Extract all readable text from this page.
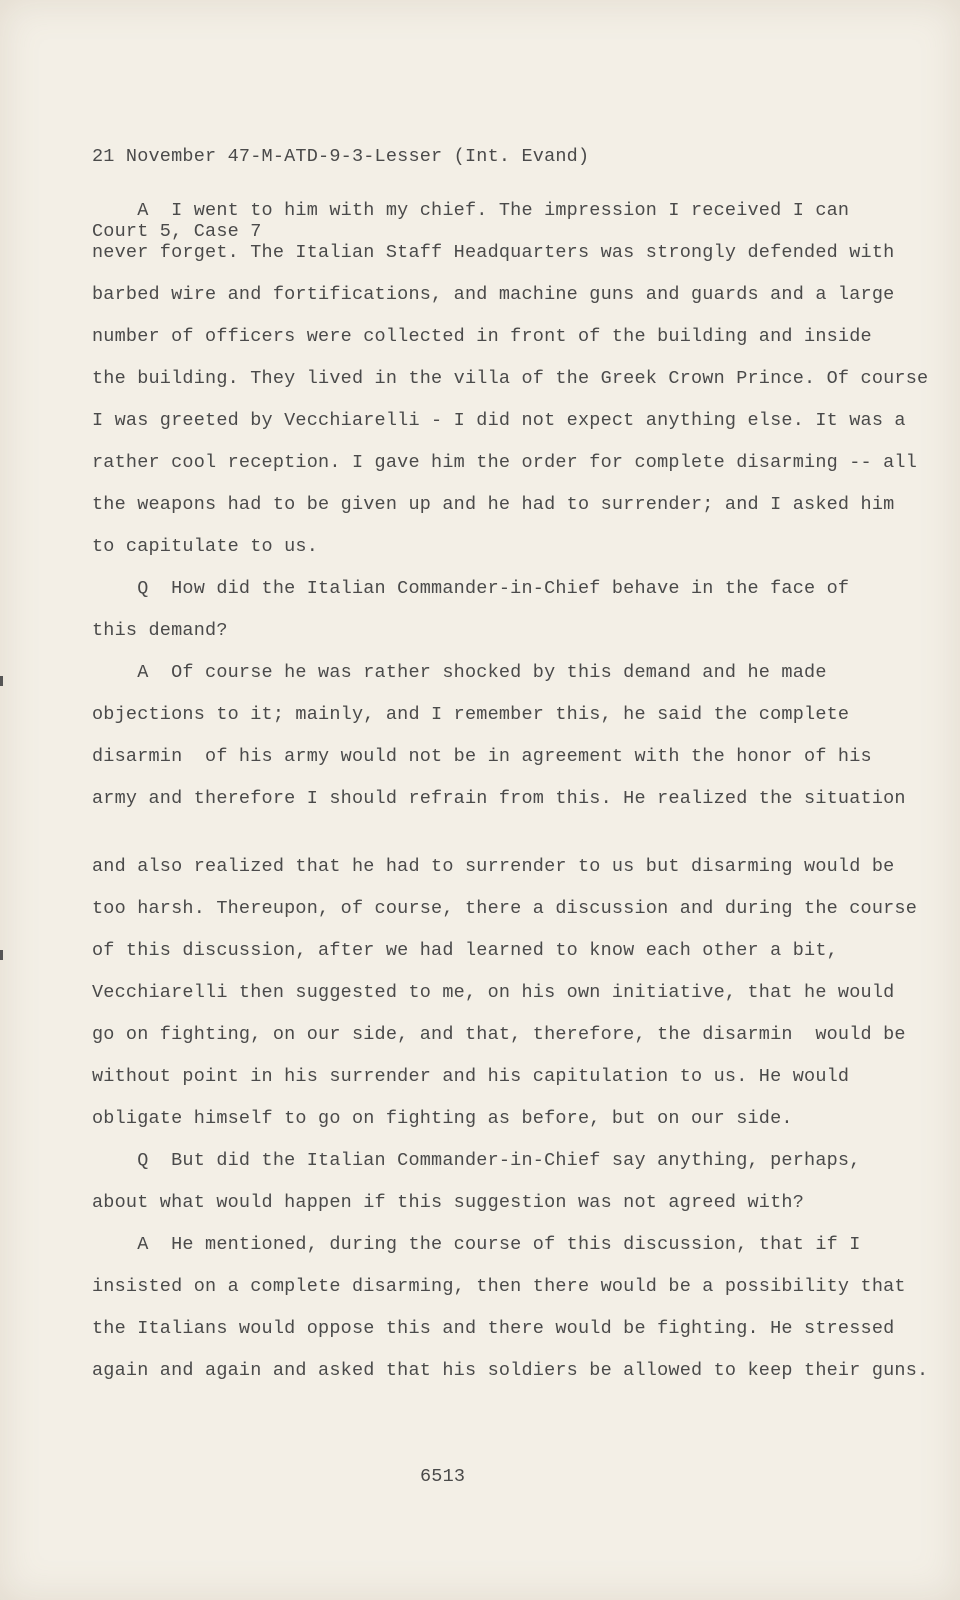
21 November 47-M-ATD-9-3-Lesser (Int. Evand)

Court 5, Case 7

A  I went to him with my chief. The impression I received I can
never forget. The Italian Staff Headquarters was strongly defended with
barbed wire and fortifications, and machine guns and guards and a large
number of officers were collected in front of the building and inside
the building. They lived in the villa of the Greek Crown Prince. Of course
I was greeted by Vecchiarelli - I did not expect anything else. It was a
rather cool reception. I gave him the order for complete disarming -- all
the weapons had to be given up and he had to surrender; and I asked him
to capitulate to us.
Q  How did the Italian Commander-in-Chief behave in the face of
this demand?
A  Of course he was rather shocked by this demand and he made
objections to it; mainly, and I remember this, he said the complete
disarmin  of his army would not be in agreement with the honor of his
army and therefore I should refrain from this. He realized the situation
and also realized that he had to surrender to us but disarming would be
too harsh. Thereupon, of course, there a discussion and during the course
of this discussion, after we had learned to know each other a bit,
Vecchiarelli then suggested to me, on his own initiative, that he would
go on fighting, on our side, and that, therefore, the disarmin  would be
without point in his surrender and his capitulation to us. He would
obligate himself to go on fighting as before, but on our side.
Q  But did the Italian Commander-in-Chief say anything, perhaps,
about what would happen if this suggestion was not agreed with?
A  He mentioned, during the course of this discussion, that if I
insisted on a complete disarming, then there would be a possibility that
the Italians would oppose this and there would be fighting. He stressed
again and again and asked that his soldiers be allowed to keep their guns.
6513
